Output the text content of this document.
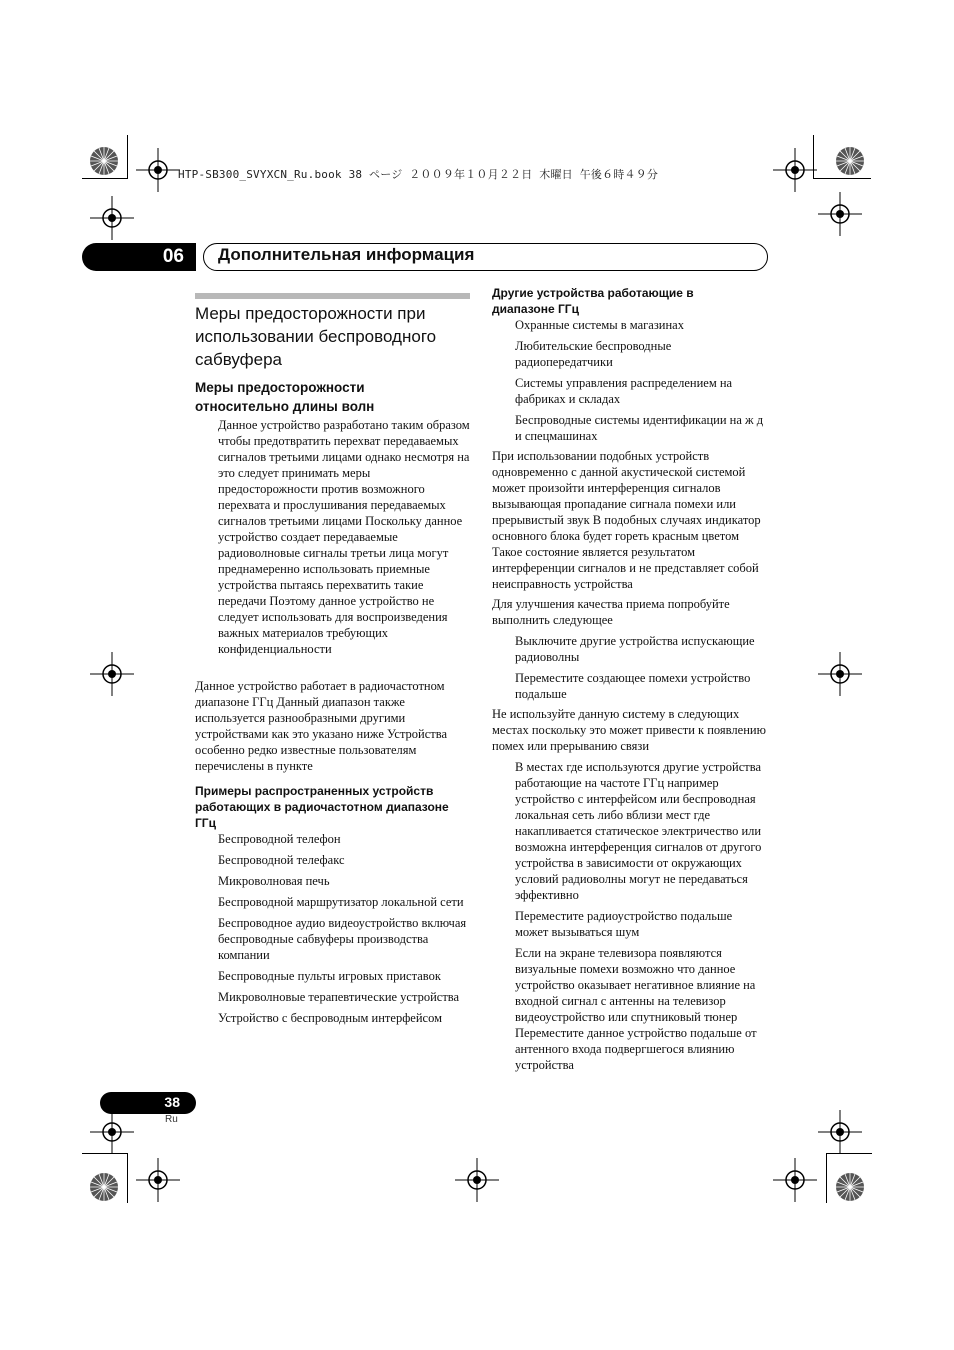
HTP-SB300_SVYXCN_Ru.book 38 ページ ２００９年１０月２２日 木曜日 午後６時４９分
06 Дополнительная информация
Меры предосторожности при использовании беспроводного сабвуфера
Меры предосторожности относительно длины волн
Данное устройство разработано таким образом чтобы предотвратить перехват передаваемых сигналов третьими лицами однако несмотря на это следует принимать меры предосторожности против возможного перехвата и прослушивания передаваемых сигналов третьими лицами Поскольку данное устройство создает передаваемые радиоволновые сигналы третьи лица могут преднамеренно использовать приемные устройства пытаясь перехватить такие передачи Поэтому данное устройство не следует использовать для воспроизведения важных материалов требующих конфиденциальности
Данное устройство работает в радиочастотном диапазоне ГГц Данный диапазон также используется разнообразными другими устройствами как это указано ниже Устройства особенно редко известные пользователям перечислены в пункте
Примеры распространенных устройств работающих в радиочастотном диапазоне ГГц
Беспроводной телефон
Беспроводной телефакс
Микроволновая печь
Беспроводной маршрутизатор локальной сети
Беспроводное аудио видеоустройство включая беспроводные сабвуферы производства компании
Беспроводные пульты игровых приставок
Микроволновые терапевтические устройства
Устройство с беспроводным интерфейсом
Другие устройства работающие в диапазоне ГГц
Охранные системы в магазинах
Любительские беспроводные радиопередатчики
Системы управления распределением на фабриках и складах
Беспроводные системы идентификации на ж д и спецмашинах
При использовании подобных устройств одновременно с данной акустической системой может произойти интерференция сигналов вызывающая пропадание сигнала помехи или прерывистый звук В подобных случаях индикатор основного блока будет гореть красным цветом Такое состояние является результатом интерференции сигналов и не представляет собой неисправность устройства
Для улучшения качества приема попробуйте выполнить следующее
Выключите другие устройства испускающие радиоволны
Переместите создающее помехи устройство подальше
Не используйте данную систему в следующих местах поскольку это может привести к появлению помех или прерыванию связи
В местах где используются другие устройства работающие на частоте ГГц например устройство с интерфейсом или беспроводная локальная сеть либо вблизи мест где накапливается статическое электричество или возможна интерференция сигналов от другого устройства в зависимости от окружающих условий радиоволны могут не передаваться эффективно
Переместите радиоустройство подальше может вызываться шум
Если на экране телевизора появляются визуальные помехи возможно что данное устройство оказывает негативное влияние на входной сигнал с антенны на телевизор видеоустройство или спутниковый тюнер Переместите данное устройство подальше от антенного входа подвергшегося влиянию устройства
38
Ru
